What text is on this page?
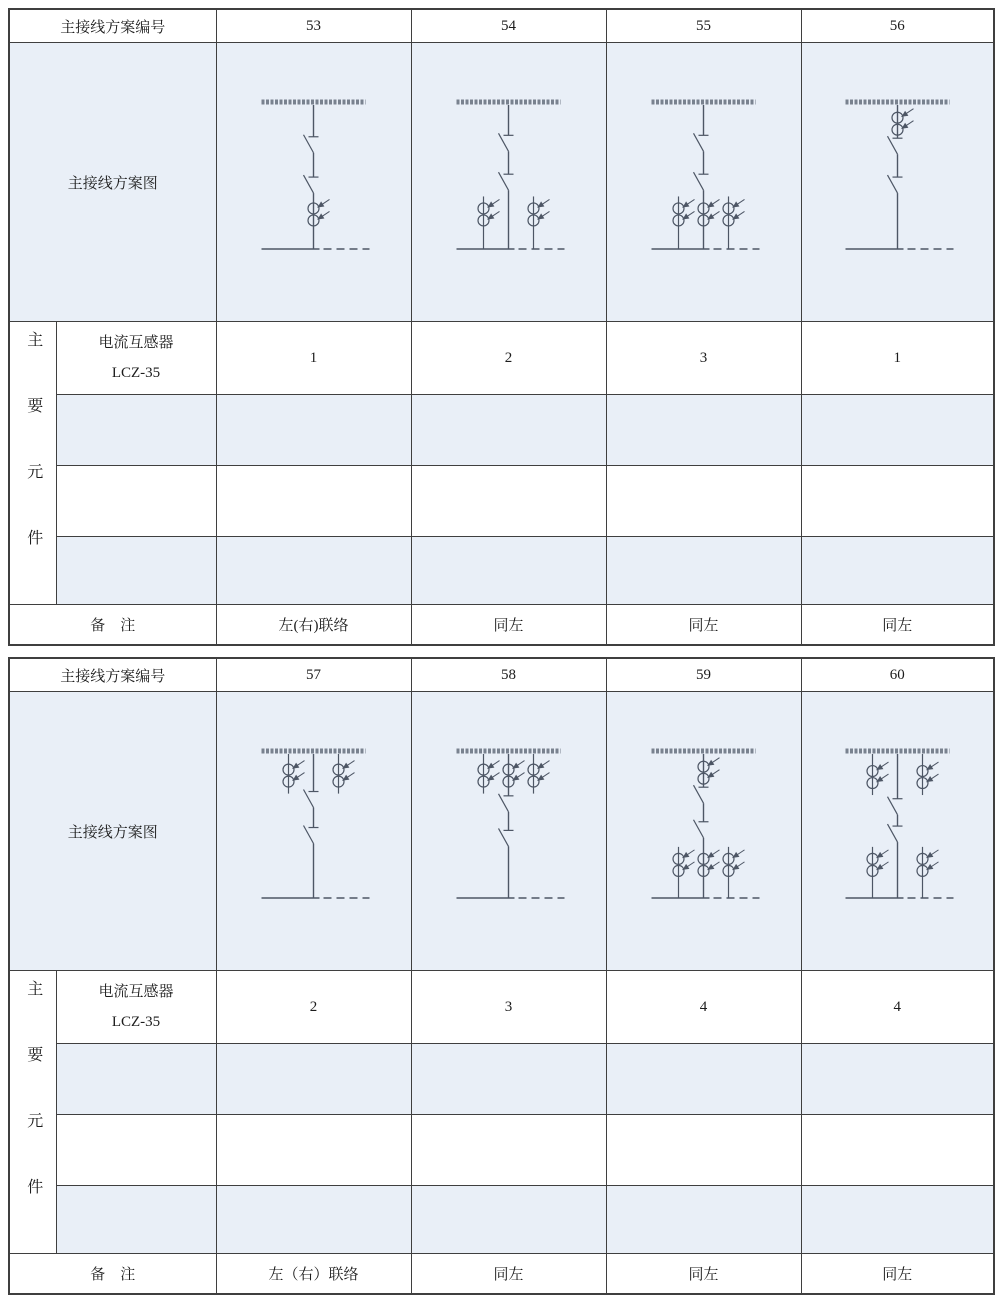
主接线方案编号		53	54	55	56
主接线方案图	

主要元件	电流互感器
LCZ-35	1	2	3	1

备　注		左(右)联络	同左	同左	同左
主接线方案编号		57	58	59	60
主接线方案图	

主要元件	电流互感器
LCZ-35	2	3	4	4

备　注		左（右）联络	同左	同左	同左
